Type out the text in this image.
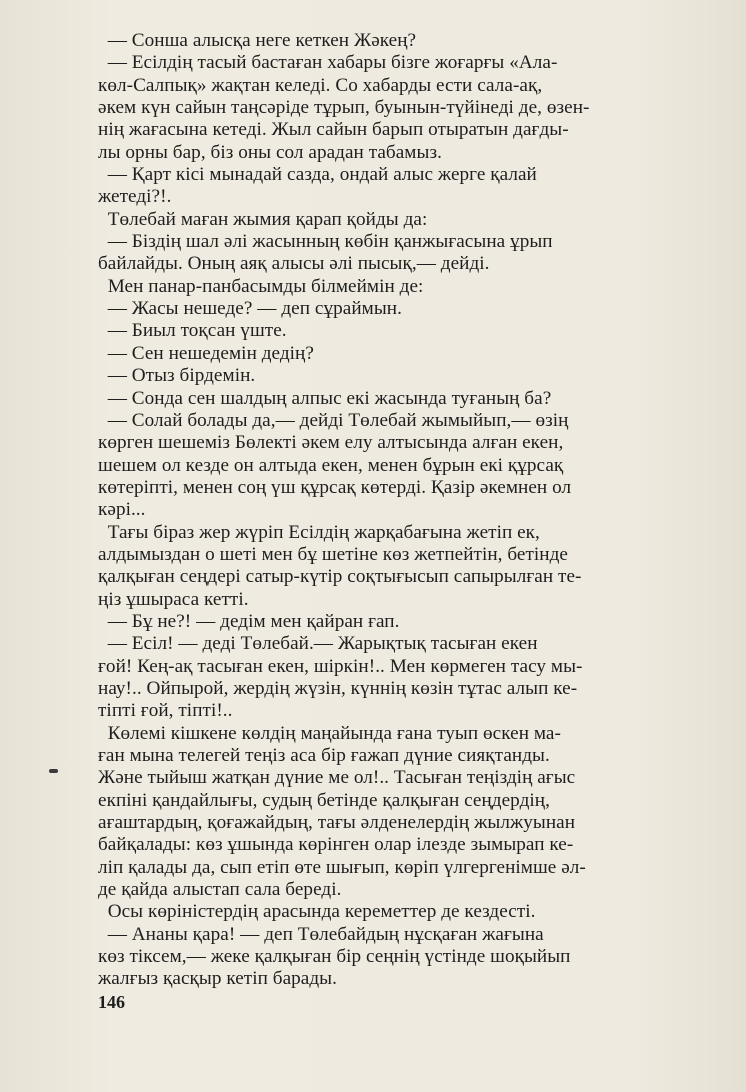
— Сонша алысқа неге кеткен Жәкең?
— Есілдің тасый бастаған хабары бізге жоғарғы «Ала-
көл-Салпық» жақтан келеді. Со хабарды ести сала-ақ,
әкем күн сайын таңсәріде тұрып, буынын-түйінеді де, өзен-
нің жағасына кетеді. Жыл сайын барып отыратын дағды-
лы орны бар, біз оны сол арадан табамыз.
— Қарт кісі мынадай сазда, ондай алыс жерге қалай
жетеді?!.
Төлебай маған жымия қарап қойды да:
— Біздің шал әлі жасынның көбін қанжығасына ұрып
байлайды. Оның аяқ алысы әлі пысық,— дейді.
Мен панар-панбасымды білмеймін де:
— Жасы нешеде? — деп сұраймын.
— Биыл тоқсан үште.
— Сен нешедемін дедің?
— Отыз бірдемін.
— Сонда сен шалдың алпыс екі жасында туғаның ба?
— Солай болады да,— дейді Төлебай жымыйып,— өзің
көрген шешеміз Бөлекті әкем елу алтысында алған екен,
шешем ол кезде он алтыда екен, менен бұрын екі құрсақ
көтеріпті, менен соң үш құрсақ көтерді. Қазір әкемнен ол
кәрі...
Тағы біраз жер жүріп Есілдің жарқабағына жетіп ек,
алдымыздан о шеті мен бұ шетіне көз жетпейтін, бетінде
қалқыған сеңдері сатыр-күтір соқтығысып сапырылған те-
ңіз ұшыраса кетті.
— Бұ не?! — дедім мен қайран ғап.
— Есіл! — деді Төлебай.— Жарықтық тасыған екен
ғой! Кең-ақ тасыған екен, шіркін!.. Мен көрмеген тасу мы-
нау!.. Ойпырой, жердің жүзін, күннің көзін тұтас алып ке-
тіпті ғой, тіпті!..
Көлемі кішкене көлдің маңайында ғана туып өскен ма-
ған мына телегей теңіз аса бір ғажап дүние сияқтанды.
Және тыйыш жатқан дүние ме ол!.. Тасыған теңіздің ағыс
екпіні қандайлығы, судың бетінде қалқыған сеңдердің,
ағаштардың, қоғажайдың, тағы әлденелердің жылжуынан
байқалады: көз ұшында көрінген олар ілезде зымырап ке-
ліп қалады да, сып етіп өте шығып, көріп үлгергенімше әл-
де қайда алыстап сала береді.
Осы көріністердің арасында кереметтер де кездесті.
— Ананы қара! — деп Төлебайдың нұсқаған жағына
көз тіксем,— жеке қалқыған бір сеңнің үстінде шоқыйып
жалғыз қасқыр кетіп барады.
146
